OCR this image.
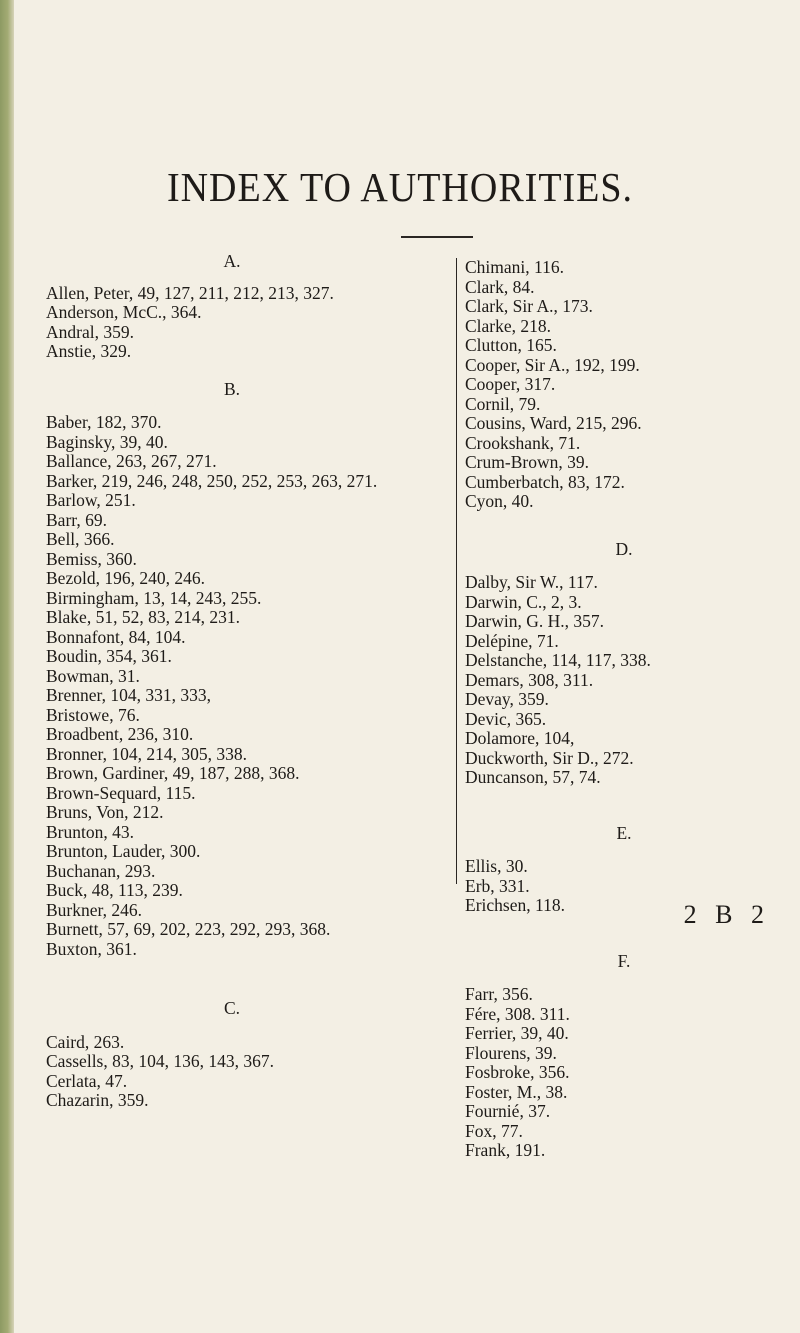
INDEX TO AUTHORITIES.

A.

Allen, Peter, 49, 127, 211, 212, 213, 327.

Anderson, McC., 364.

Andral, 359.

Anstie, 329.

B.

Baber, 182, 370.

Baginsky, 39, 40.

Ballance, 263, 267, 271.

Barker, 219, 246, 248, 250, 252, 253, 263, 271.

Barlow, 251.

Barr, 69.

Bell, 366.

Bemiss, 360.

Bezold, 196, 240, 246.

Birmingham, 13, 14, 243, 255.

Blake, 51, 52, 83, 214, 231.

Bonnafont, 84, 104.

Boudin, 354, 361.

Bowman, 31.

Brenner, 104, 331, 333,

Bristowe, 76.

Broadbent, 236, 310.

Bronner, 104, 214, 305, 338.

Brown, Gardiner, 49, 187, 288, 368.

Brown-Sequard, 115.

Bruns, Von, 212.

Brunton, 43.

Brunton, Lauder, 300.

Buchanan, 293.

Buck, 48, 113, 239.

Burkner, 246.

Burnett, 57, 69, 202, 223, 292, 293, 368.

Buxton, 361.

C.

Caird, 263.

Cassells, 83, 104, 136, 143, 367.

Cerlata, 47.

Chazarin, 359.

Chimani, 116.

Clark, 84.

Clark, Sir A., 173.

Clarke, 218.

Clutton, 165.

Cooper, Sir A., 192, 199.

Cooper, 317.

Cornil, 79.

Cousins, Ward, 215, 296.

Crookshank, 71.

Crum-Brown, 39.

Cumberbatch, 83, 172.

Cyon, 40.

D.

Dalby, Sir W., 117.

Darwin, C., 2, 3.

Darwin, G. H., 357.

Delépine, 71.

Delstanche, 114, 117, 338.

Demars, 308, 311.

Devay, 359.

Devic, 365.

Dolamore, 104,

Duckworth, Sir D., 272.

Duncanson, 57, 74.

E.

Ellis, 30.

Erb, 331.

Erichsen, 118.

F.

Farr, 356.

Fére, 308. 311.

Ferrier, 39, 40.

Flourens, 39.

Fosbroke, 356.

Foster, M., 38.

Fournié, 37.

Fox, 77.

Frank, 191.

2 B 2
